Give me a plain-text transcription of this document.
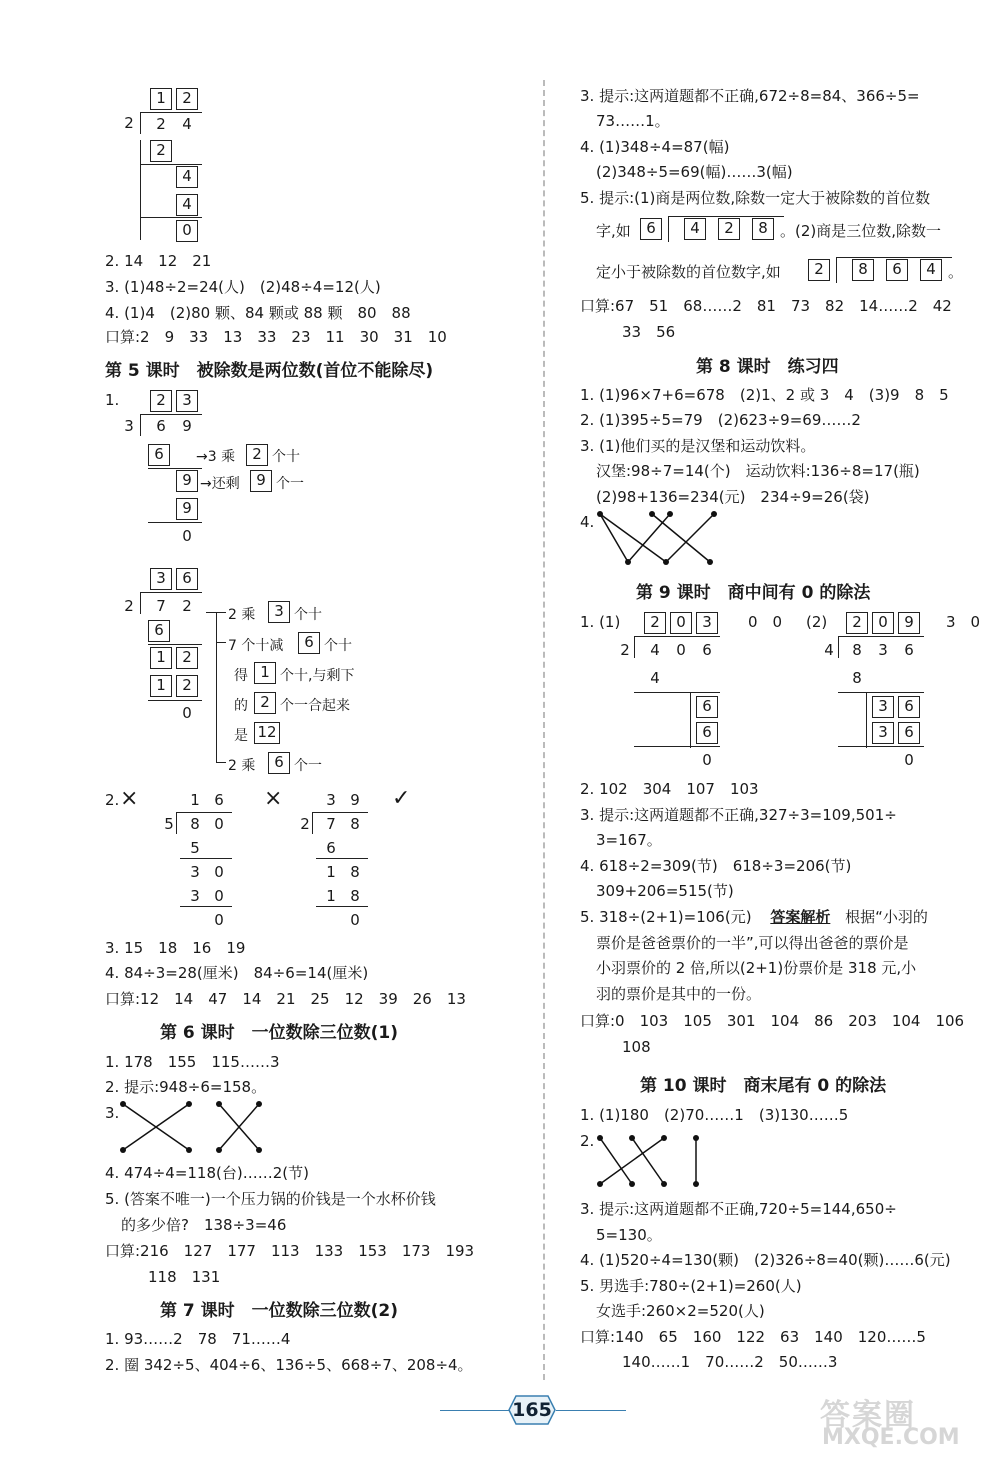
1	2
2	2	4
2
4
4
0
2. 14　12　21
3. (1)48÷2=24(人)　(2)48÷4=12(人)
4. (1)4　(2)80 颗、84 颗或 88 颗　80　88
口算:2　9　33　13　33　23　11　30　31　10
第 5 课时　被除数是两位数(首位不能除尽)
1.	2	3
3	6	9
6
9
9
0
→3 乘	2 个十
→还剩	9 个一
3	6
2	7	2
6
1	2
1	2
0
2 乘	3 个十
7 个十减	6 个十
得 1 个十,与剩下
的 2 个一合起来
是 12
2 乘	6 个一
2. ×	×	✓
1 6
5	8 0
5
3 0
3 0
0
3 9
2	7 8
6
1 8
1 8
0
3. 15　18　16　19
4. 84÷3=28(厘米)　84÷6=14(厘米)
口算:12　14　47　14　21　25　12　39　26　13
第 6 课时　一位数除三位数(1)
1. 178　155　115……3
2. 提示:948÷6=158。
3.
4. 474÷4=118(台)……2(节)
5. (答案不唯一)一个压力锅的价钱是一个水杯价钱
的多少倍?　138÷3=46
口算:216　127　177　113　133　153　173　193
118　131
第 7 课时　一位数除三位数(2)
1. 93……2　78　71……4
2. 圈 342÷5、404÷6、136÷5、668÷7、208÷4。
3. 提示:这两道题都不正确,672÷8=84、366÷5=
73……1。
4. (1)348÷4=87(幅)
(2)348÷5=69(幅)……3(幅)
5. 提示:(1)商是两位数,除数一定大于被除数的首位数
字,如	6	4	2	8 。(2)商是三位数,除数一
定小于被除数的首位数字,如	2	8	6	4 。
口算:67　51　68……2　81　73　82　14……2　42
33　56
第 8 课时　练习四
1. (1)96×7+6=678　(2)1、2 或 3　4　(3)9　8　5
2. (1)395÷5=79　(2)623÷9=69……2
3. (1)他们买的是汉堡和运动饮料。
汉堡:98÷7=14(个)　运动饮料:136÷8=17(瓶)
(2)98+136=234(元)　234÷9=26(袋)
4.
第 9 课时　商中间有 0 的除法
1. (1)	2	0	3
2	4	0	6
4
6
6
0
0　0 (2)	2	0	9
4	8	3	6
8
3	6
3	6
0
3　0
2. 102　304　107　103
3. 提示:这两道题都不正确,327÷3=109,501÷
3=167。
4. 618÷2=309(节)　618÷3=206(节)
309+206=515(节)
5. 318÷(2+1)=106(元) 答案解析 根据“小羽的
票价是爸爸票价的一半”,可以得出爸爸的票价是
小羽票价的 2 倍,所以(2+1)份票价是 318 元,小
羽的票价是其中的一份。
口算:0　103　105　301　104　86　203　104　106
108
第 10 课时　商末尾有 0 的除法
1. (1)180　(2)70……1　(3)130……5
2.
3. 提示:这两道题都不正确,720÷5=144,650÷
5=130。
4. (1)520÷4=130(颗)　(2)326÷8=40(颗)……6(元)
5. 男选手:780÷(2+1)=260(人)
女选手:260×2=520(人)
口算:140　65　160　122　63　140　120……5
140……1　70……2　50……3
165	答案圈
MXQE.COM
